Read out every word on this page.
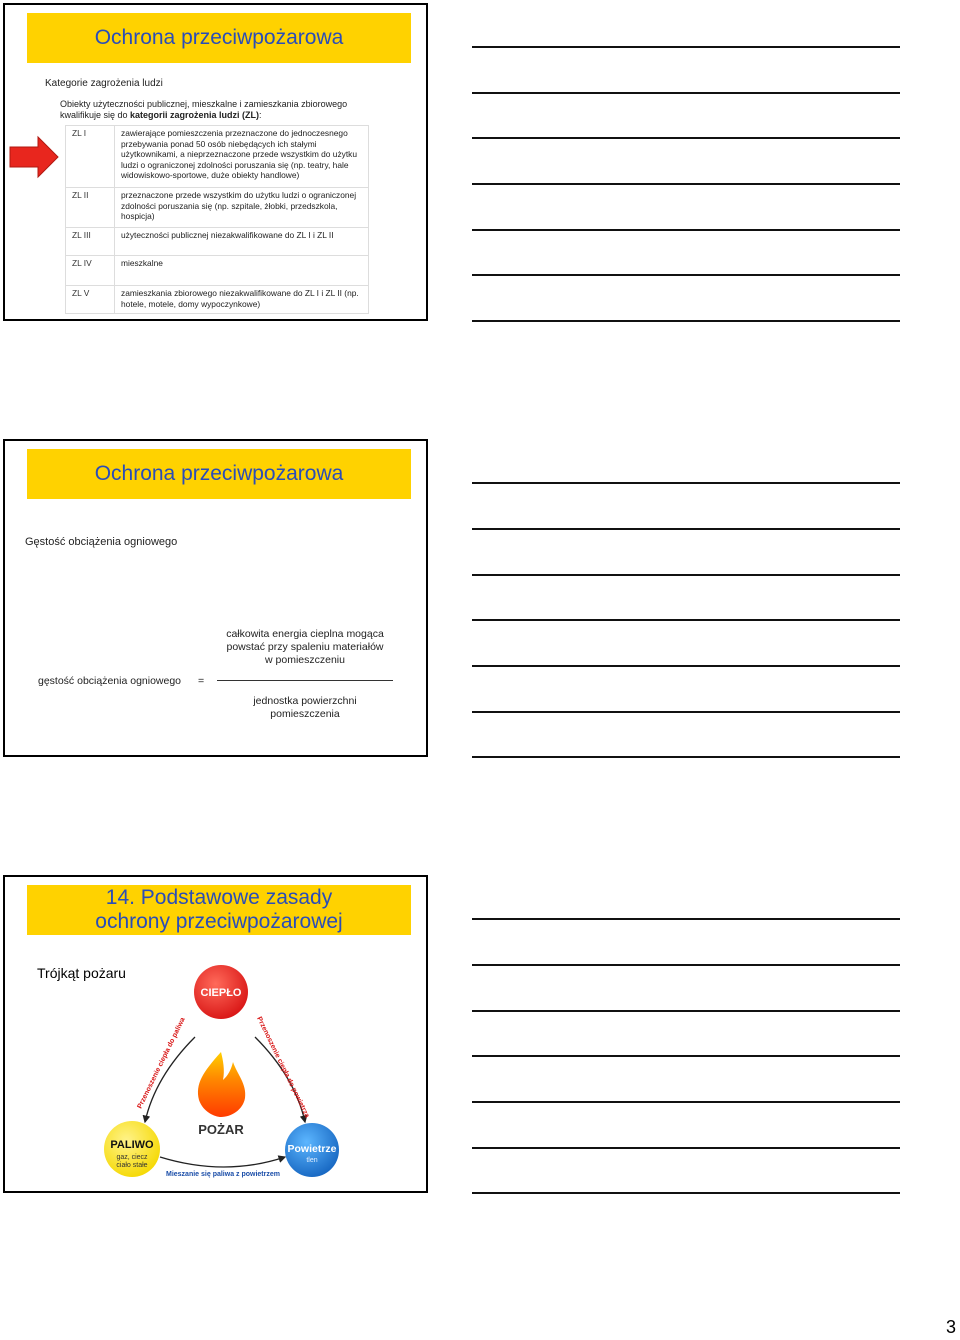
Ochrona przeciwpożarowa
Kategorie zagrożenia ludzi
Obiekty użyteczności publicznej, mieszkalne i zamieszkania zbiorowego
kwalifikuje się do kategorii zagrożenia ludzi (ZL):
ZL I	zawierające pomieszczenia przeznaczone do jednoczesnego przebywania ponad 50 osób niebędących ich stałymi użytkownikami, a nieprzeznaczone przede wszystkim do użytku ludzi o ograniczonej zdolności poruszania się (np. teatry, hale widowiskowo-sportowe, duże obiekty handlowe)
ZL II	przeznaczone przede wszystkim do użytku ludzi o ograniczonej zdolności poruszania się (np. szpitale, żłobki, przedszkola, hospicja)
ZL III	użyteczności publicznej niezakwalifikowane do ZL I i ZL II
ZL IV	mieszkalne
ZL V	zamieszkania zbiorowego niezakwalifikowane do ZL I i ZL II (np. hotele, motele, domy wypoczynkowe)
Ochrona przeciwpożarowa
Gęstość obciążenia ogniowego
całkowita energia cieplna mogąca
powstać przy spaleniu materiałów
w pomieszczeniu
gęstość obciążenia ogniowego =
jednostka powierzchni
pomieszczenia
14. Podstawowe zasady
ochrony przeciwpożarowej
Trójkąt pożaru
CIEPŁO
POŻAR
PALIWO
gaz, ciecz
ciało stałe
Powietrze
tlen
Przenoszenie ciepła do paliwa	Przenoszenie ciepła do powietrza
Mieszanie się paliwa z powietrzem
3
